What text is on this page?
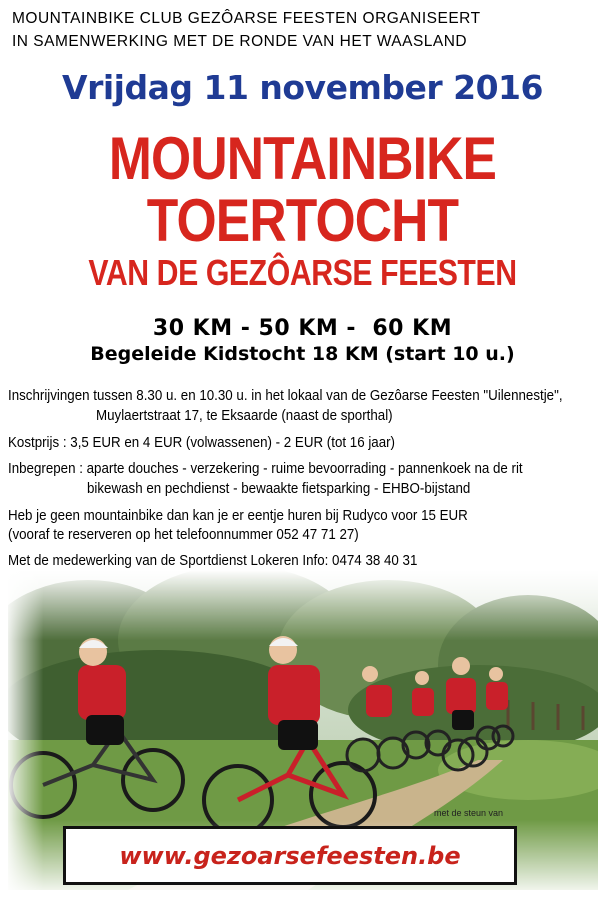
MOUNTAINBIKE CLUB GEZÔARSE FEESTEN ORGANISEERT
IN SAMENWERKING MET DE RONDE VAN HET WAASLAND
Vrijdag 11 november 2016
MOUNTAINBIKE
TOERTOCHT
VAN DE GEZÔARSE FEESTEN
30 KM - 50 KM -  60 KM
Begeleide Kidstocht 18 KM (start 10 u.)
Inschrijvingen tussen 8.30 u. en 10.30 u. in het lokaal van de Gezôarse Feesten "Uilennestje",
Muylaertstraat 17, te Eksaarde (naast de sporthal)
Kostprijs : 3,5 EUR en 4 EUR (volwassenen) - 2 EUR (tot 16 jaar)
Inbegrepen : aparte douches - verzekering - ruime bevoorrading - pannenkoek na de rit
bikewash en pechdienst - bewaakte fietsparking - EHBO-bijstand
Heb je geen mountainbike dan kan je er eentje huren bij Rudyco voor 15 EUR
(vooraf te reserveren op het telefoonnummer 052 47 71 27)
Met de medewerking van de Sportdienst Lokeren Info: 0474 38 40 31
met de steun van
www.gezoarsefeesten.be
